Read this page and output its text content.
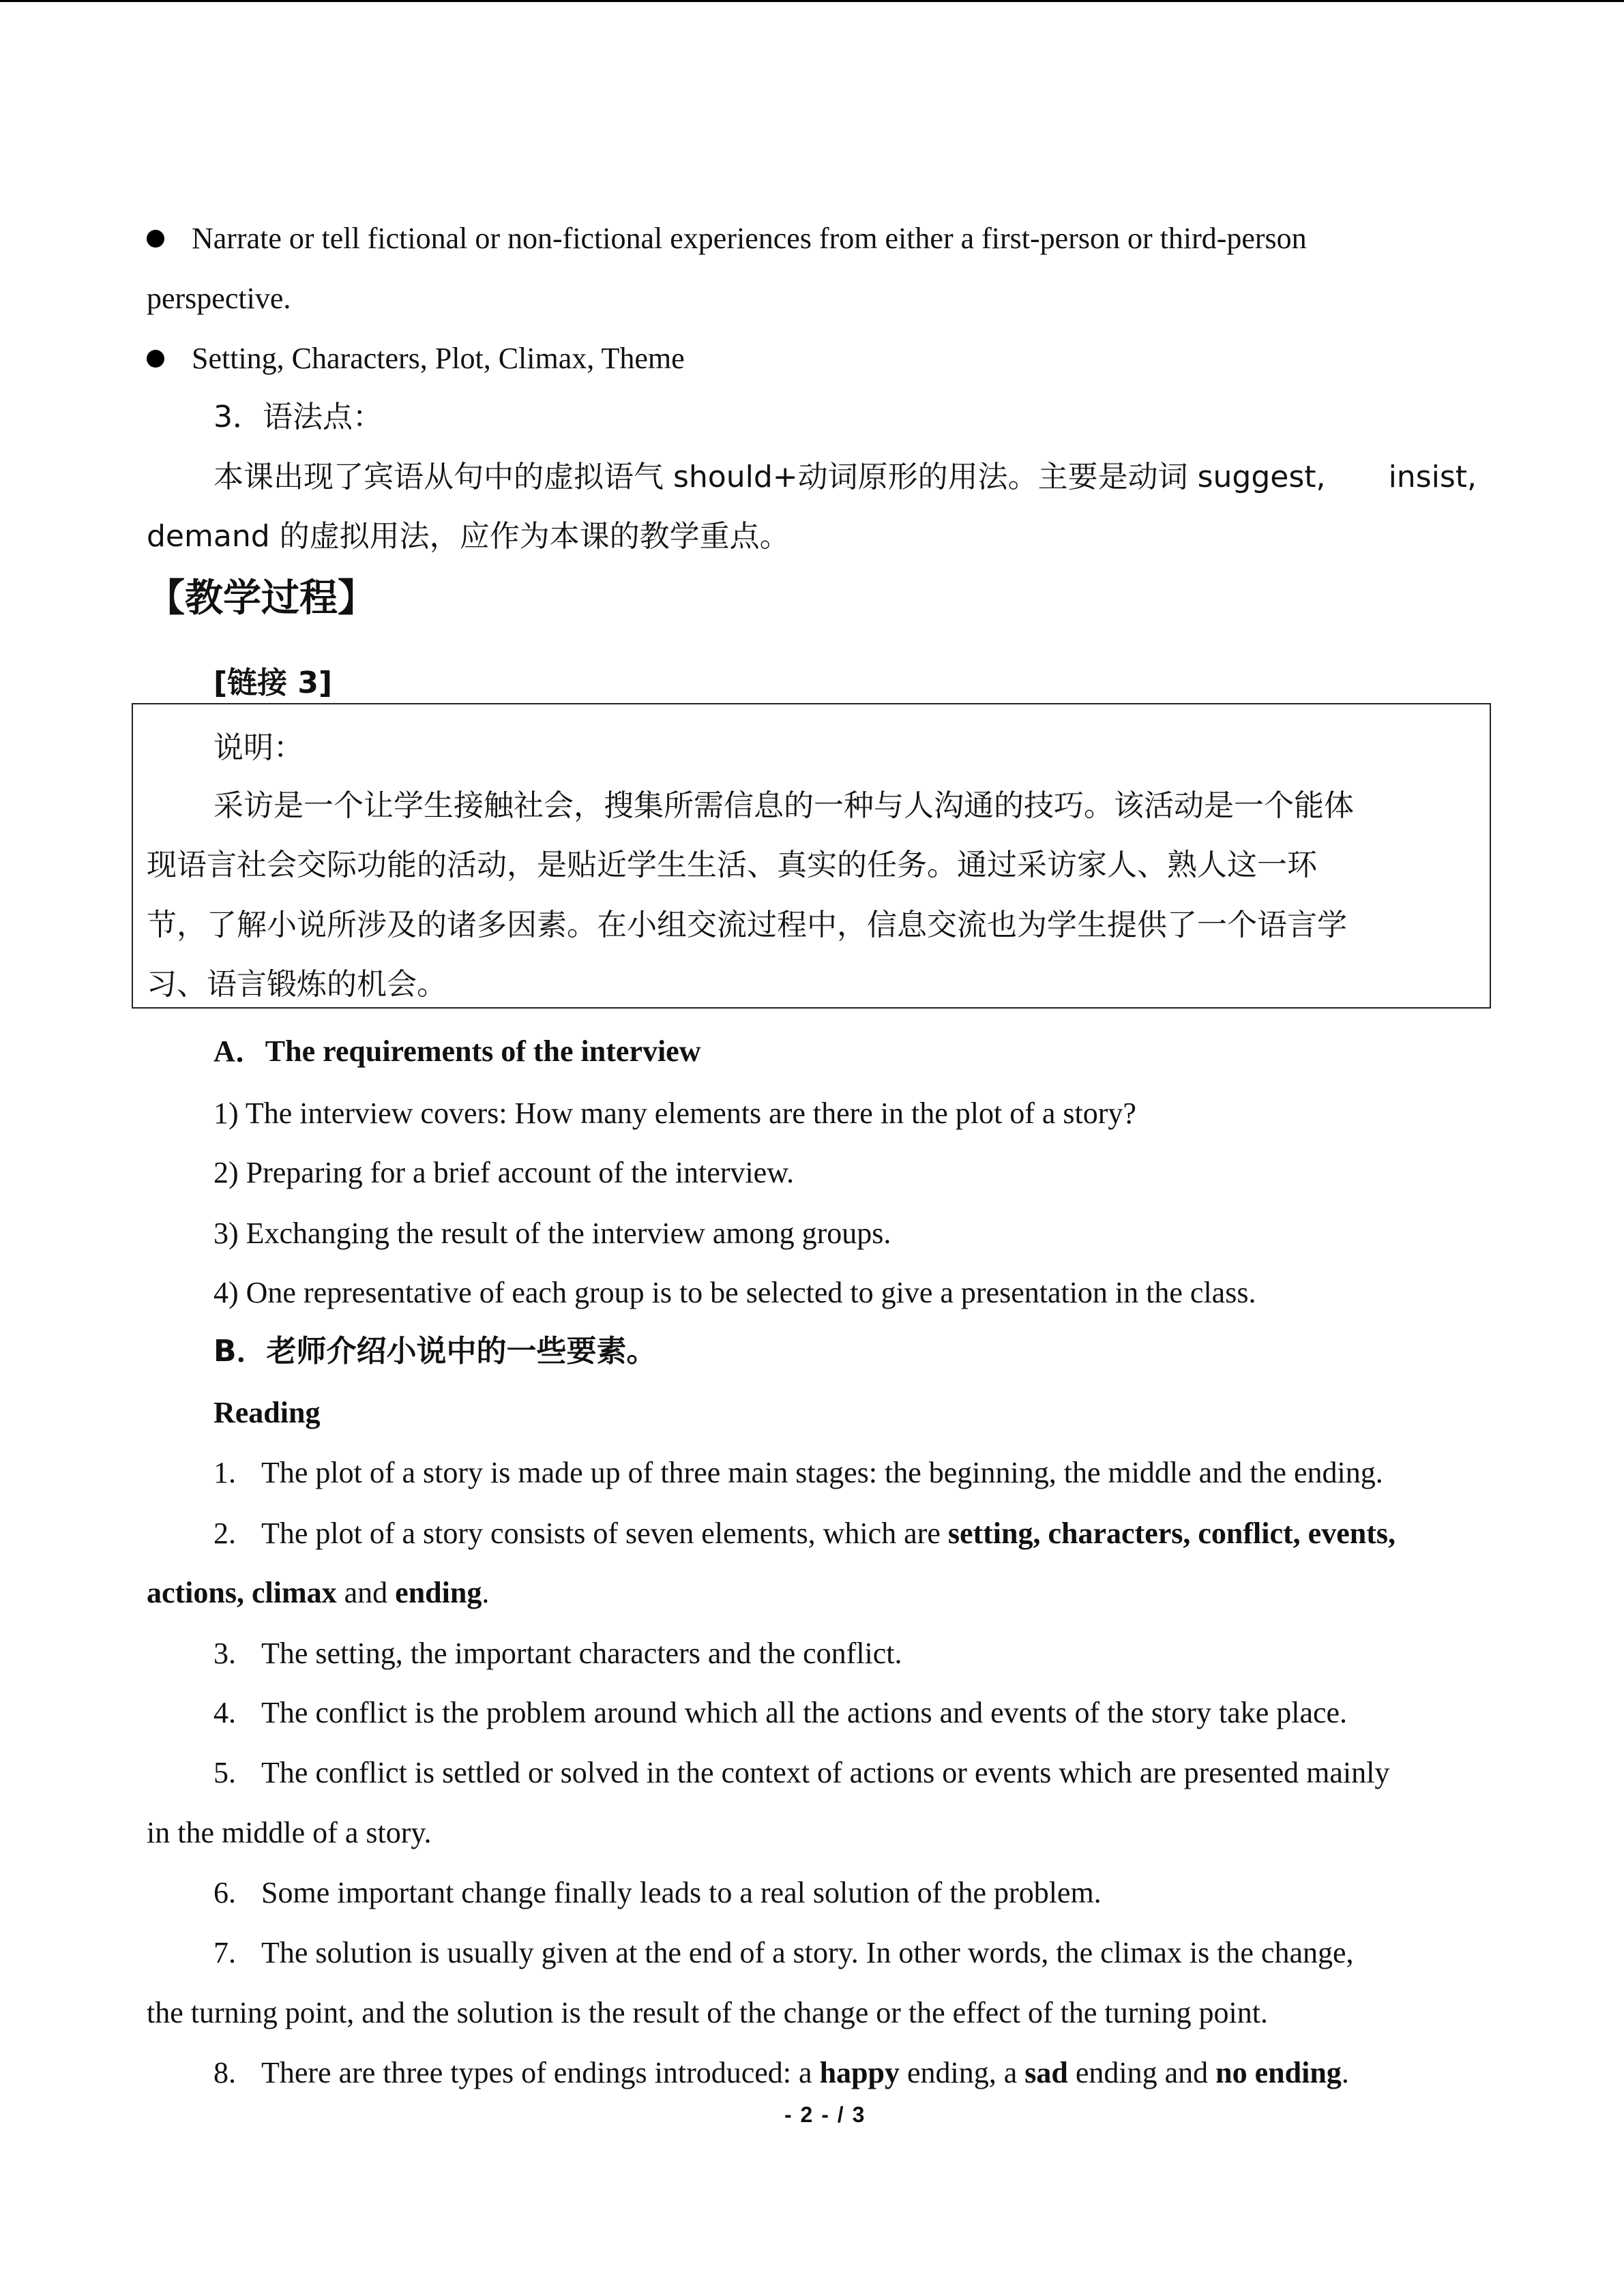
Narrate or tell fictional or non-fictional experiences from either a first-person or third-person
perspective.
Setting, Characters, Plot, Climax, Theme
3．语法点：
本课出现了宾语从句中的虚拟语气 should+动词原形的用法。主要是动词 suggest, insist,
demand 的虚拟用法，应作为本课的教学重点。
【教学过程】
[链接 3]
说明：
采访是一个让学生接触社会，搜集所需信息的一种与人沟通的技巧。该活动是一个能体
现语言社会交际功能的活动，是贴近学生生活、真实的任务。通过采访家人、熟人这一环
节，了解小说所涉及的诸多因素。在小组交流过程中，信息交流也为学生提供了一个语言学
习、语言锻炼的机会。
A．The requirements of the interview
1) The interview covers: How many elements are there in the plot of a story?
2) Preparing for a brief account of the interview.
3) Exchanging the result of the interview among groups.
4) One representative of each group is to be selected to give a presentation in the class.
B．老师介绍小说中的一些要素。
Reading
1. The plot of a story is made up of three main stages: the beginning, the middle and the ending.
2. The plot of a story consists of seven elements, which are setting, characters, conflict, events,
actions, climax and ending.
3. The setting, the important characters and the conflict.
4. The conflict is the problem around which all the actions and events of the story take place.
5. The conflict is settled or solved in the context of actions or events which are presented mainly
in the middle of a story.
6. Some important change finally leads to a real solution of the problem.
7. The solution is usually given at the end of a story. In other words, the climax is the change,
the turning point, and the solution is the result of the change or the effect of the turning point.
8. There are three types of endings introduced: a happy ending, a sad ending and no ending.
- 2 - / 3
